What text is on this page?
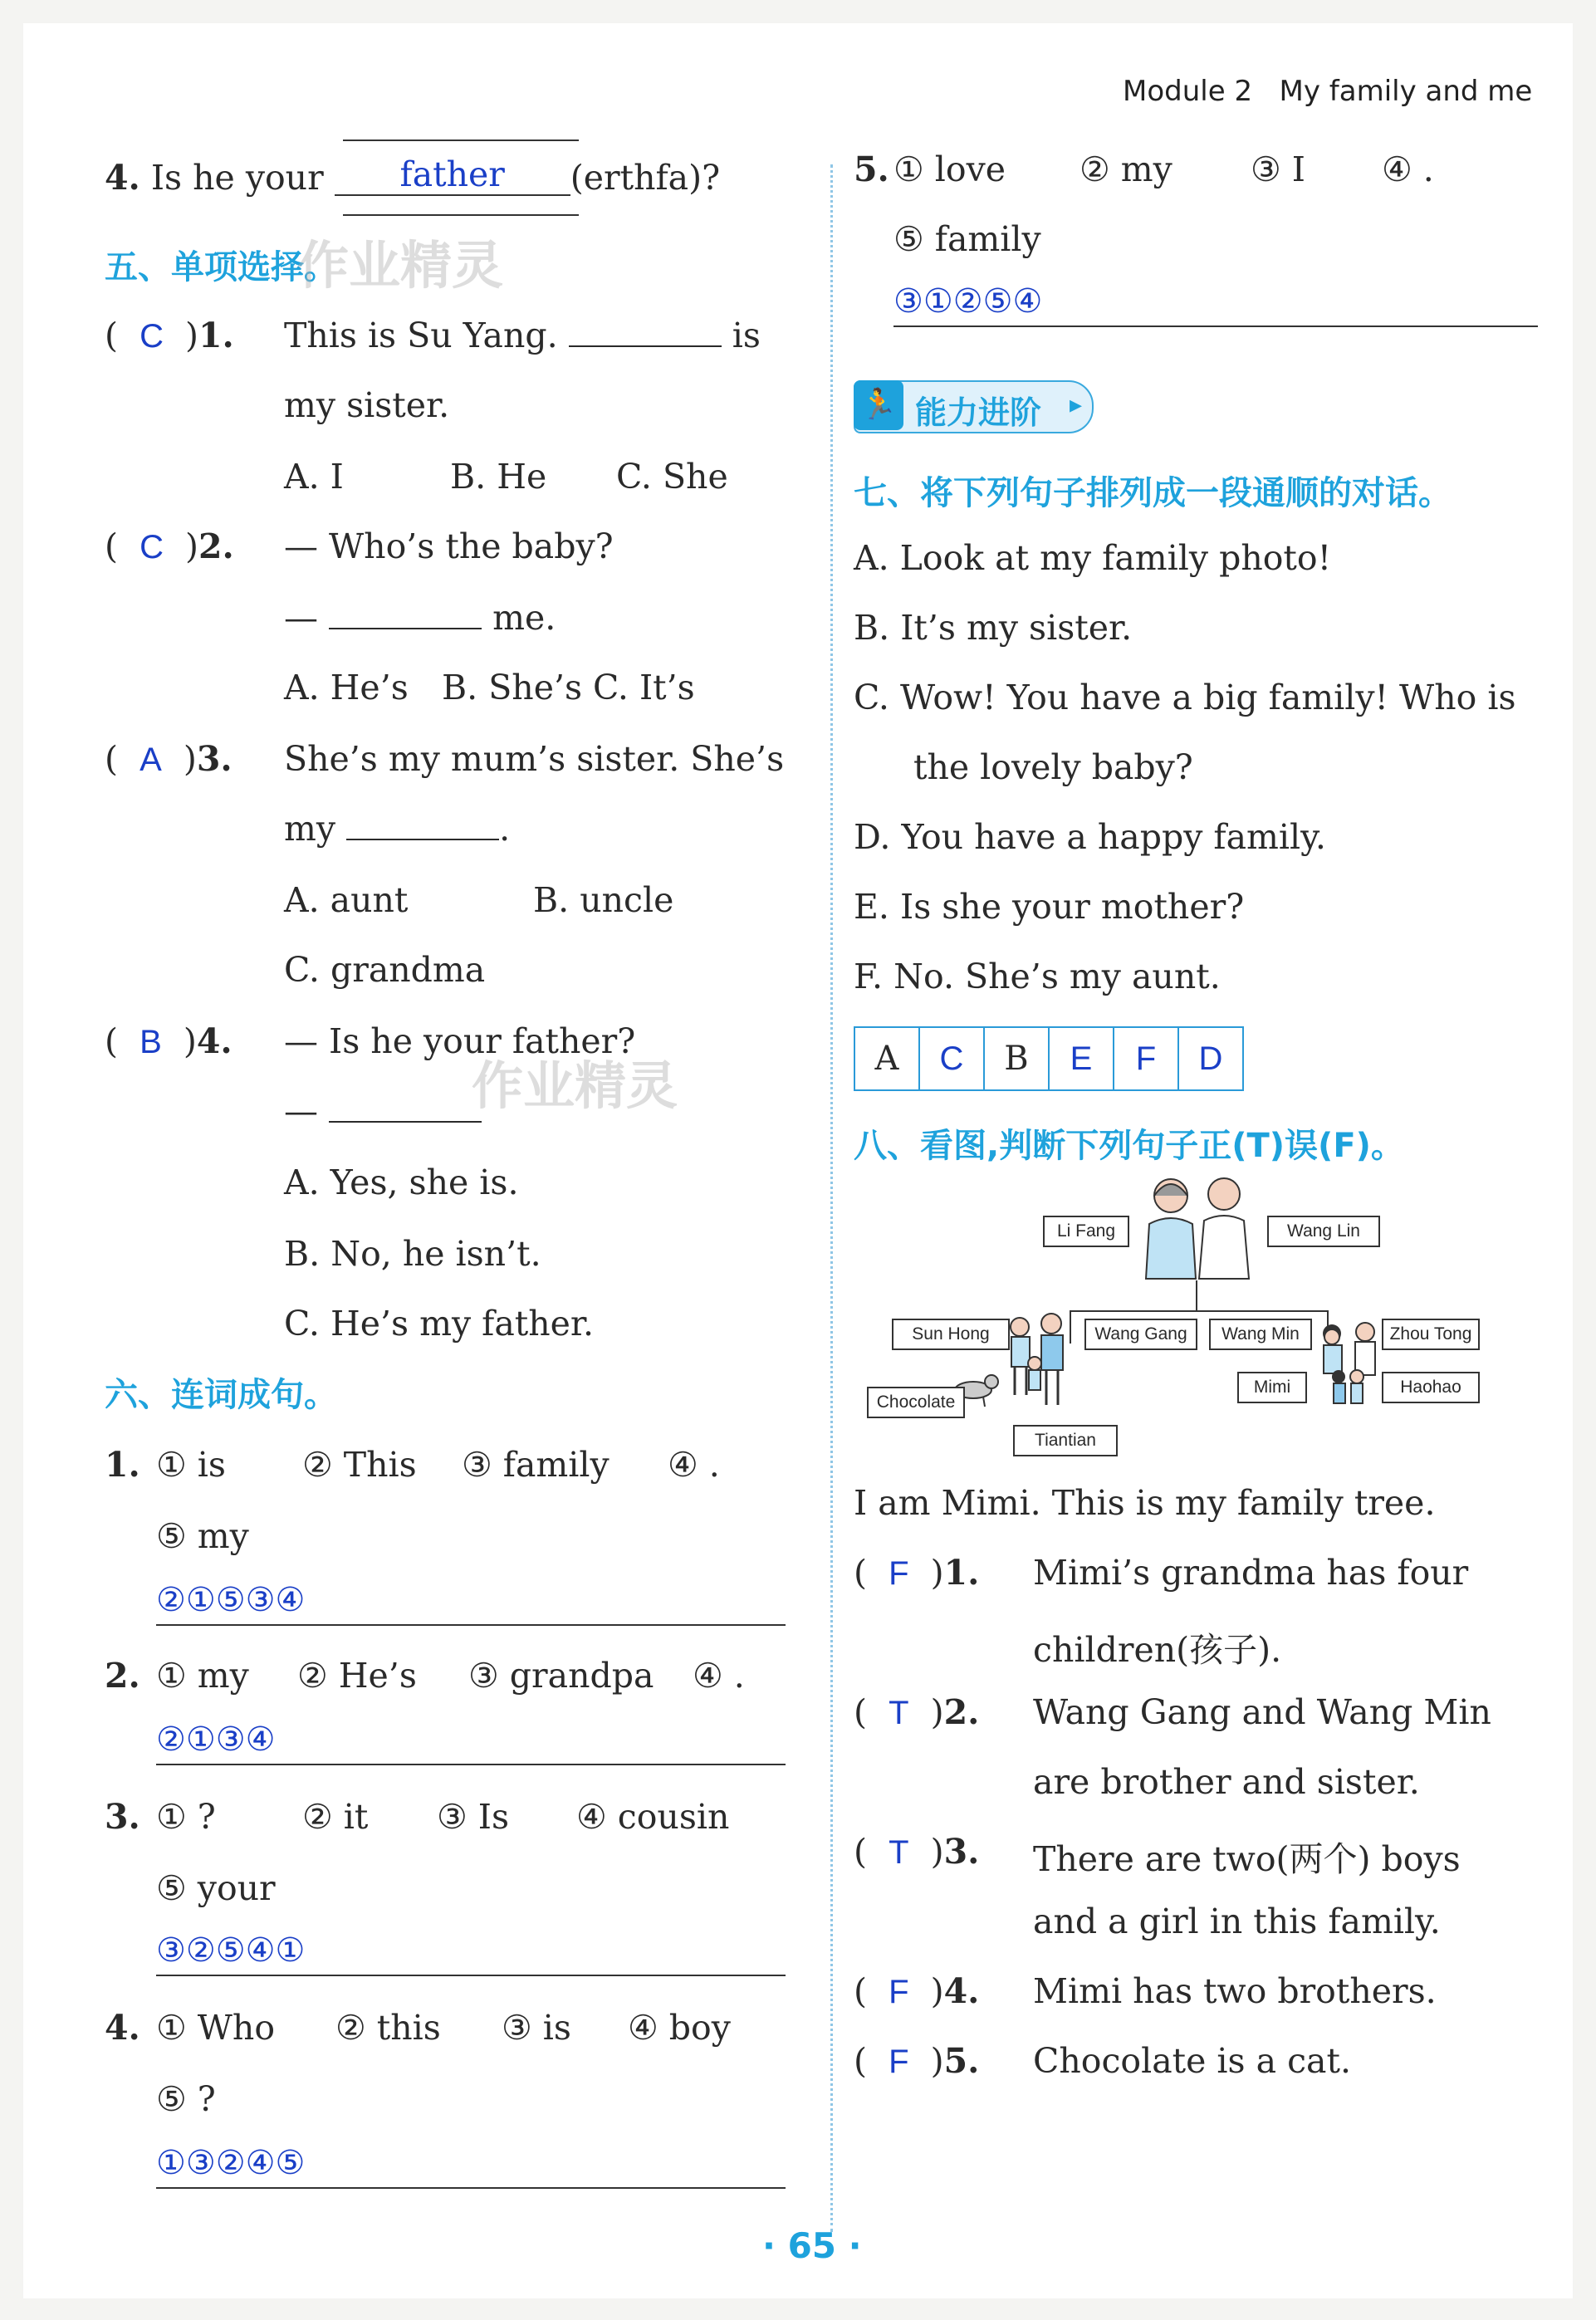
Module 2 My family and me
4. Is he your father (erthfa)?
五、单项选择。
作业精灵
(  C  )1. This is Su Yang.	is
my sister.
A. I	B. He C. She
(  C  )2. — Who’s the baby?
—	me.
A. He’s B. She’s C. It’s
(  A  )3. She’s my mum’s sister. She’s
my	.
A. aunt	B. uncle
C. grandma
(  B  )4. — Is he your father?
作业精灵
—
A. Yes, she is.
B. No, he isn’t.
C. He’s my father.
六、连词成句。
1. ① is ② This ③ family ④ .
⑤ my
②①⑤③④
2. ① my ② He’s ③ grandpa ④ .
②①③④
3. ① ?	② it ③ Is ④ cousin
⑤ your
③②⑤④①
4. ① Who ② this ③ is ④ boy
⑤ ?
①③②④⑤
5. ① love ② my ③ I ④ .
⑤ family
③①②⑤④
🏃 能力进阶 ▸
七、将下列句子排列成一段通顺的对话。
A. Look at my family photo!
B. It’s my sister.
C. Wow! You have a big family! Who is
the lovely baby?
D. You have a happy family.
E. Is she your mother?
F. No. She’s my aunt.
A	C	B	E	F	D
八、看图,判断下列句子正(T)误(F)。
Li Fang	Wang Lin
Sun Hong	Wang Gang	Wang Min	Zhou Tong
Chocolate
Mimi	Haohao
Tiantian
I am Mimi. This is my family tree.
(  F  )1. Mimi’s grandma has four
children(孩子).
(  T  )2. Wang Gang and Wang Min
are brother and sister.
(  T  )3. There are two(两个) boys
and a girl in this family.
(  F  )4. Mimi has two brothers.
(  F  )5. Chocolate is a cat.
· 65 ·
